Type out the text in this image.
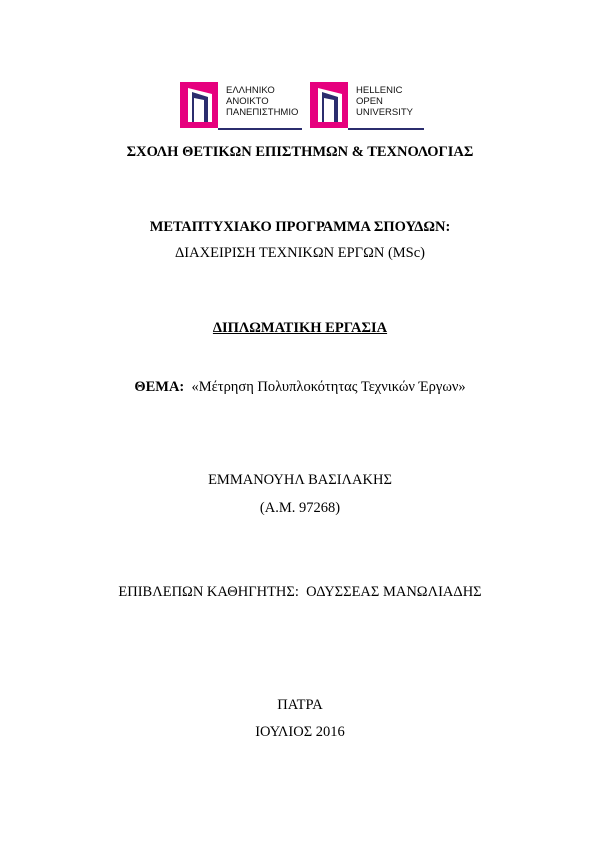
ΕΛΛΗΝΙΚΟ
ΑΝΟΙΚΤΟ
ΠΑΝΕΠΙΣΤΗΜΙΟ
HELLENIC
OPEN
UNIVERSITY
ΣΧΟΛΗ ΘΕΤΙΚΩΝ ΕΠΙΣΤΗΜΩΝ & ΤΕΧΝΟΛΟΓΙΑΣ
ΜΕΤΑΠΤΥΧΙΑΚΟ ΠΡΟΓΡΑΜΜΑ ΣΠΟΥΔΩΝ:
ΔΙΑΧΕΙΡΙΣΗ ΤΕΧΝΙΚΩΝ ΕΡΓΩΝ (MSc)
ΔΙΠΛΩΜΑΤΙΚΗ ΕΡΓΑΣΙΑ
ΘΕΜΑ: «Μέτρηση Πολυπλοκότητας Τεχνικών Έργων»
ΕΜΜΑΝΟΥΗΛ ΒΑΣΙΛΑΚΗΣ
(Α.Μ. 97268)
ΕΠΙΒΛΕΠΩΝ ΚΑΘΗΓΗΤΗΣ: ΟΔΥΣΣΕΑΣ ΜΑΝΩΛΙΑΔΗΣ
ΠΑΤΡΑ
ΙΟΥΛΙΟΣ 2016
